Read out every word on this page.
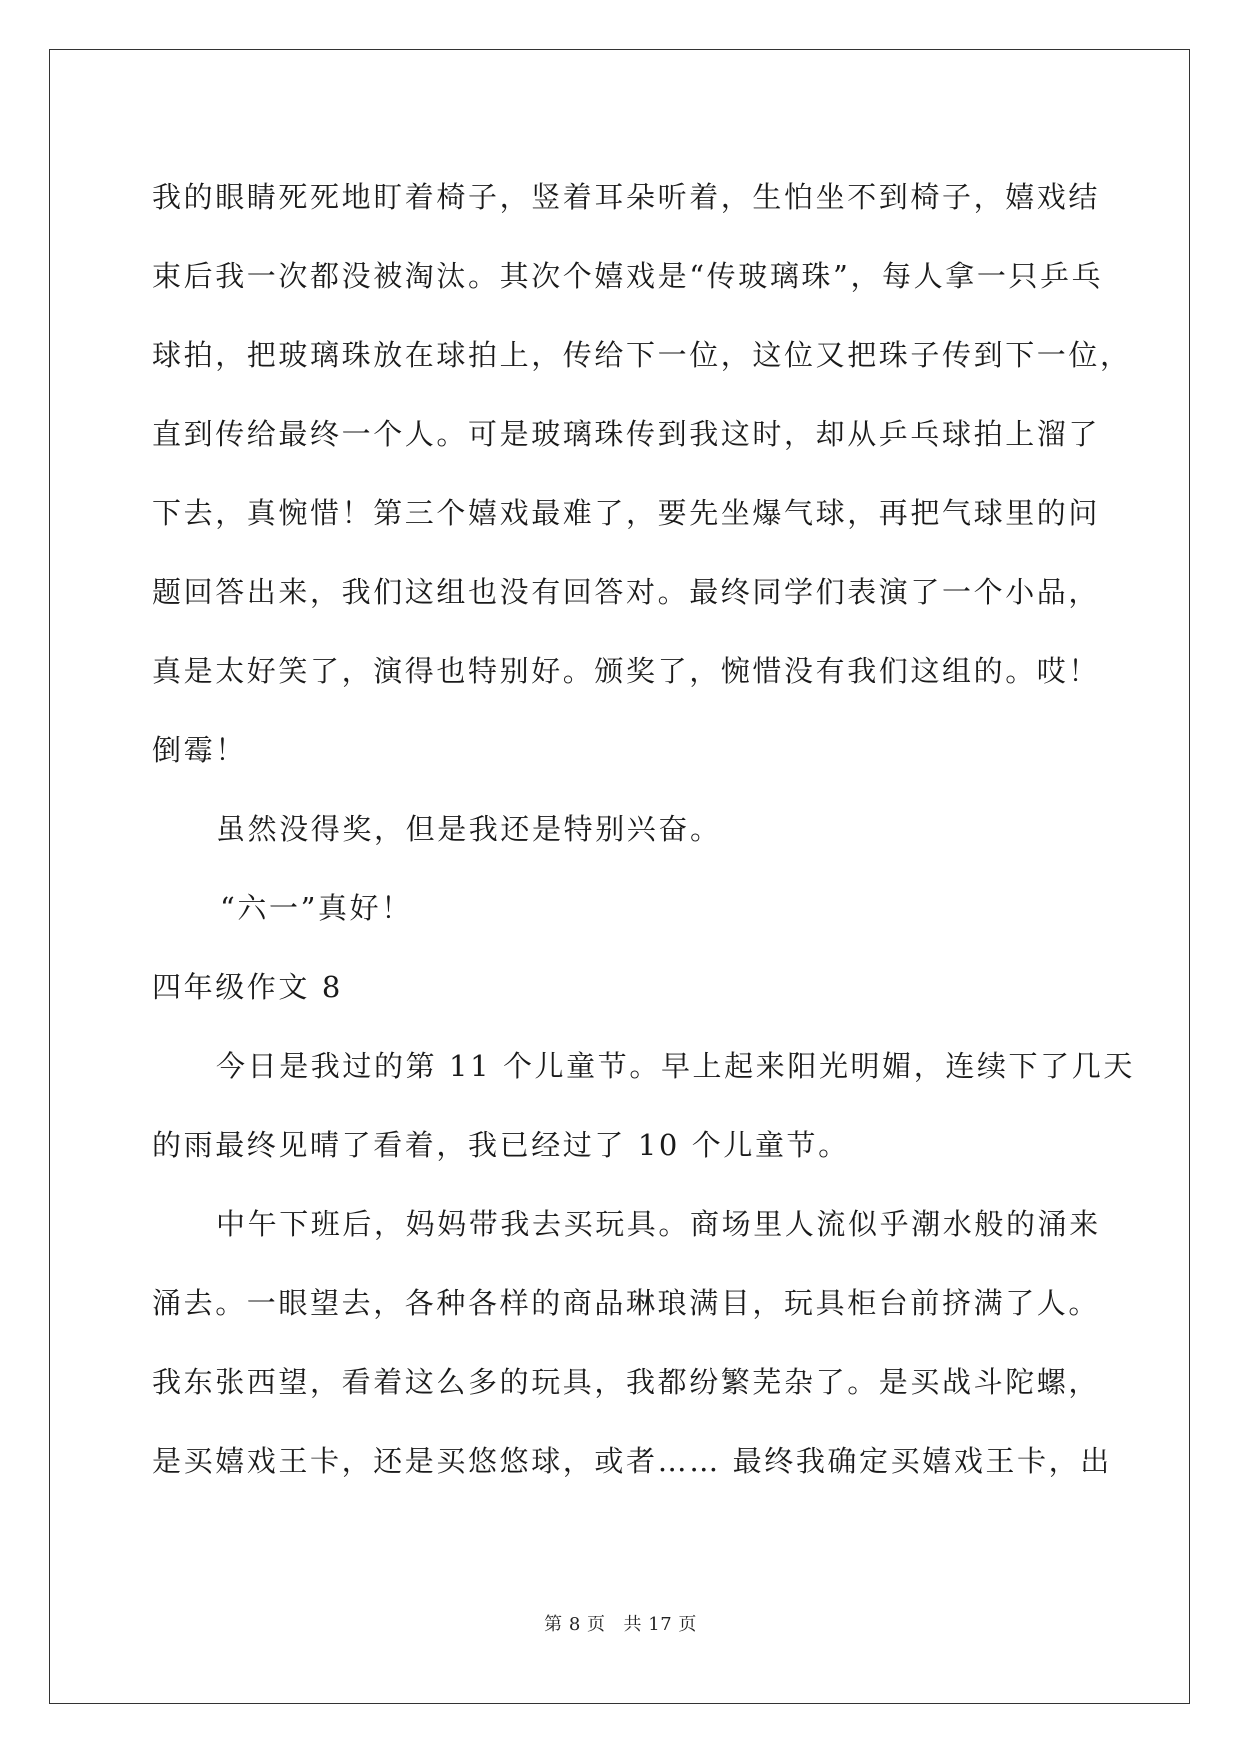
我的眼睛死死地盯着椅子，竖着耳朵听着，生怕坐不到椅子，嬉戏结
束后我一次都没被淘汰。其次个嬉戏是“传玻璃珠”，每人拿一只乒乓
球拍，把玻璃珠放在球拍上，传给下一位，这位又把珠子传到下一位，
直到传给最终一个人。可是玻璃珠传到我这时，却从乒乓球拍上溜了
下去，真惋惜！第三个嬉戏最难了，要先坐爆气球，再把气球里的问
题回答出来，我们这组也没有回答对。最终同学们表演了一个小品，
真是太好笑了，演得也特别好。颁奖了，惋惜没有我们这组的。哎！
倒霉！
虽然没得奖，但是我还是特别兴奋。
“六一”真好！
四年级作文 8
今日是我过的第 11 个儿童节。早上起来阳光明媚，连续下了几天
的雨最终见晴了看着，我已经过了 10 个儿童节。
中午下班后，妈妈带我去买玩具。商场里人流似乎潮水般的涌来
涌去。一眼望去，各种各样的商品琳琅满目，玩具柜台前挤满了人。
我东张西望，看着这么多的玩具，我都纷繁芜杂了。是买战斗陀螺，
是买嬉戏王卡，还是买悠悠球，或者…… 最终我确定买嬉戏王卡，出
第 8 页 共 17 页
